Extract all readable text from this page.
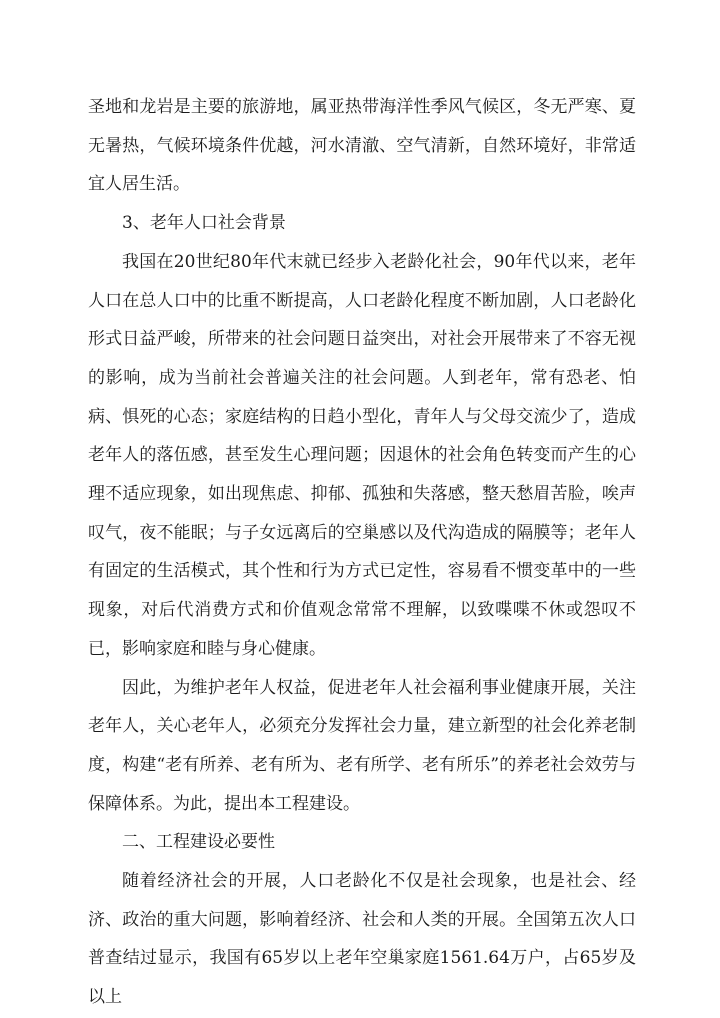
圣地和龙岩是主要的旅游地，属亚热带海洋性季风气候区，冬无严寒、夏无暑热，气候环境条件优越，河水清澈、空气清新，自然环境好，非常适宜人居生活。

3、老年人口社会背景

我国在20世纪80年代末就已经步入老龄化社会，90年代以来，老年人口在总人口中的比重不断提高，人口老龄化程度不断加剧，人口老龄化形式日益严峻，所带来的社会问题日益突出，对社会开展带来了不容无视的影响，成为当前社会普遍关注的社会问题。人到老年，常有恐老、怕病、惧死的心态；家庭结构的日趋小型化，青年人与父母交流少了，造成老年人的落伍感，甚至发生心理问题；因退休的社会角色转变而产生的心理不适应现象，如出现焦虑、抑郁、孤独和失落感，整天愁眉苦脸，唉声叹气，夜不能眠；与子女远离后的空巢感以及代沟造成的隔膜等；老年人有固定的生活模式，其个性和行为方式已定性，容易看不惯变革中的一些现象，对后代消费方式和价值观念常常不理解，以致喋喋不休或怨叹不已，影响家庭和睦与身心健康。

因此，为维护老年人权益，促进老年人社会福利事业健康开展，关注老年人，关心老年人，必须充分发挥社会力量，建立新型的社会化养老制度，构建“老有所养、老有所为、老有所学、老有所乐”的养老社会效劳与保障体系。为此，提出本工程建设。

二、工程建设必要性

随着经济社会的开展，人口老龄化不仅是社会现象，也是社会、经济、政治的重大问题，影响着经济、社会和人类的开展。全国第五次人口普查结过显示，我国有65岁以上老年空巢家庭1561.64万户，占65岁及以上
